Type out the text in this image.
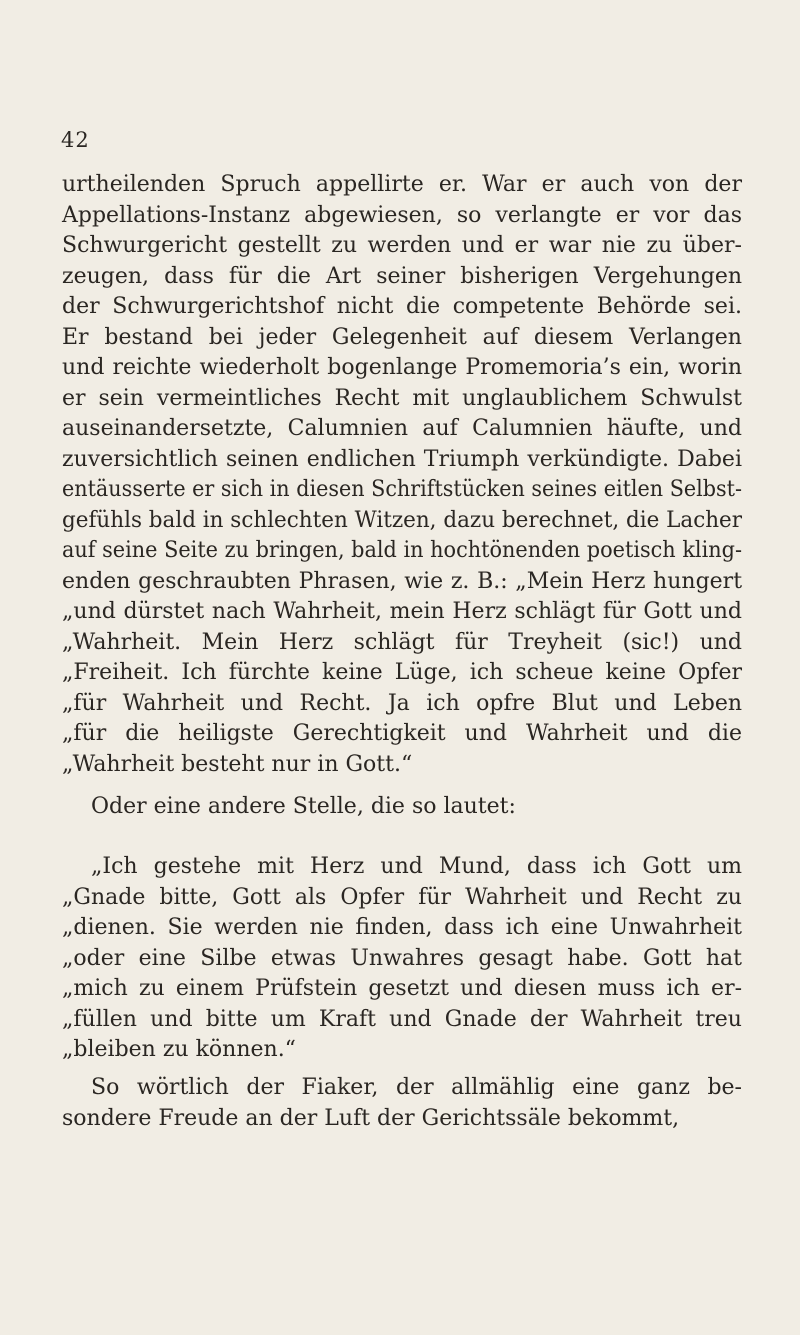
42
urtheilenden Spruch appellirte er. War er auch von der
Appellations-Instanz abgewiesen, so verlangte er vor das
Schwurgericht gestellt zu werden und er war nie zu über-
zeugen, dass für die Art seiner bisherigen Vergehungen
der Schwurgerichtshof nicht die competente Behörde sei.
Er bestand bei jeder Gelegenheit auf diesem Verlangen
und reichte wiederholt bogenlange Promemoria’s ein, worin
er sein vermeintliches Recht mit unglaublichem Schwulst
auseinandersetzte, Calumnien auf Calumnien häufte, und
zuversichtlich seinen endlichen Triumph verkündigte. Dabei
entäusserte er sich in diesen Schriftstücken seines eitlen Selbst-
gefühls bald in schlechten Witzen, dazu berechnet, die Lacher
auf seine Seite zu bringen, bald in hochtönenden poetisch kling-
enden geschraubten Phrasen, wie z. B.: „Mein Herz hungert
„und dürstet nach Wahrheit, mein Herz schlägt für Gott und
„Wahrheit. Mein Herz schlägt für Treyheit (sic!) und
„Freiheit. Ich fürchte keine Lüge, ich scheue keine Opfer
„für Wahrheit und Recht. Ja ich opfre Blut und Leben
„für die heiligste Gerechtigkeit und Wahrheit und die
„Wahrheit besteht nur in Gott.“
Oder eine andere Stelle, die so lautet:
„Ich gestehe mit Herz und Mund, dass ich Gott um
„Gnade bitte, Gott als Opfer für Wahrheit und Recht zu
„dienen. Sie werden nie finden, dass ich eine Unwahrheit
„oder eine Silbe etwas Unwahres gesagt habe. Gott hat
„mich zu einem Prüfstein gesetzt und diesen muss ich er-
„füllen und bitte um Kraft und Gnade der Wahrheit treu
„bleiben zu können.“
So wörtlich der Fiaker, der allmählig eine ganz be-
sondere Freude an der Luft der Gerichtssäle bekommt,
